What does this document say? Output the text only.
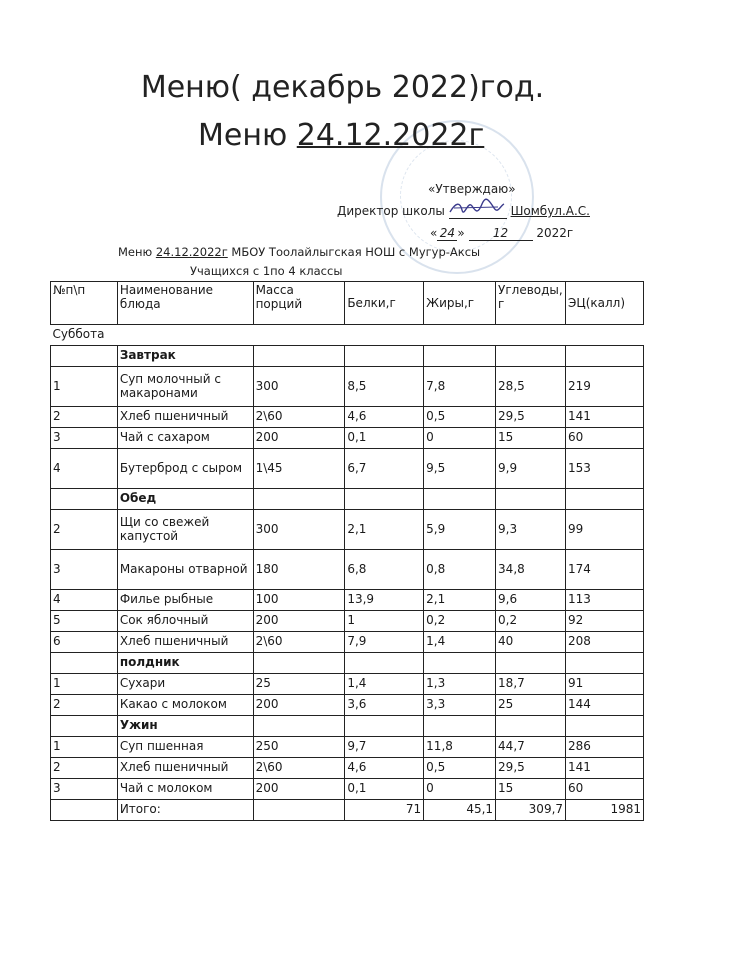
Меню( декабрь 2022)год.
Меню 24.12.2022г
«Утверждаю»
Директор школы	Шомбул.А.С.
« 24 » 12 2022г
Меню 24.12.2022г МБОУ Тоолайлыгская НОШ с Мугур-Аксы
Учащихся с 1по 4 классы
№п\п	Наименование блюда	Масса порций	Белки,г	Жиры,г	Углеводы, г	ЭЦ(калл)
Суббота						
	Завтрак					
1	Суп молочный с макаронами	300	8,5	7,8	28,5	219
2	Хлеб пшеничный	2\60	4,6	0,5	29,5	141
3	Чай с сахаром	200	0,1	0	15	60
4	Бутерброд с сыром	1\45	6,7	9,5	9,9	153
	Обед					
2	Щи со свежей капустой	300	2,1	5,9	9,3	99
3	Макароны отварной	180	6,8	0,8	34,8	174
4	Филье рыбные	100	13,9	2,1	9,6	113
5	Сок яблочный	200	1	0,2	0,2	92
6	Хлеб пшеничный	2\60	7,9	1,4	40	208
	полдник					
1	Сухари	25	1,4	1,3	18,7	91
2	Какао с молоком	200	3,6	3,3	25	144
	Ужин					
1	Суп пшенная	250	9,7	11,8	44,7	286
2	Хлеб пшеничный	2\60	4,6	0,5	29,5	141
3	Чай с молоком	200	0,1	0	15	60
	Итого:		71	45,1	309,7	1981
